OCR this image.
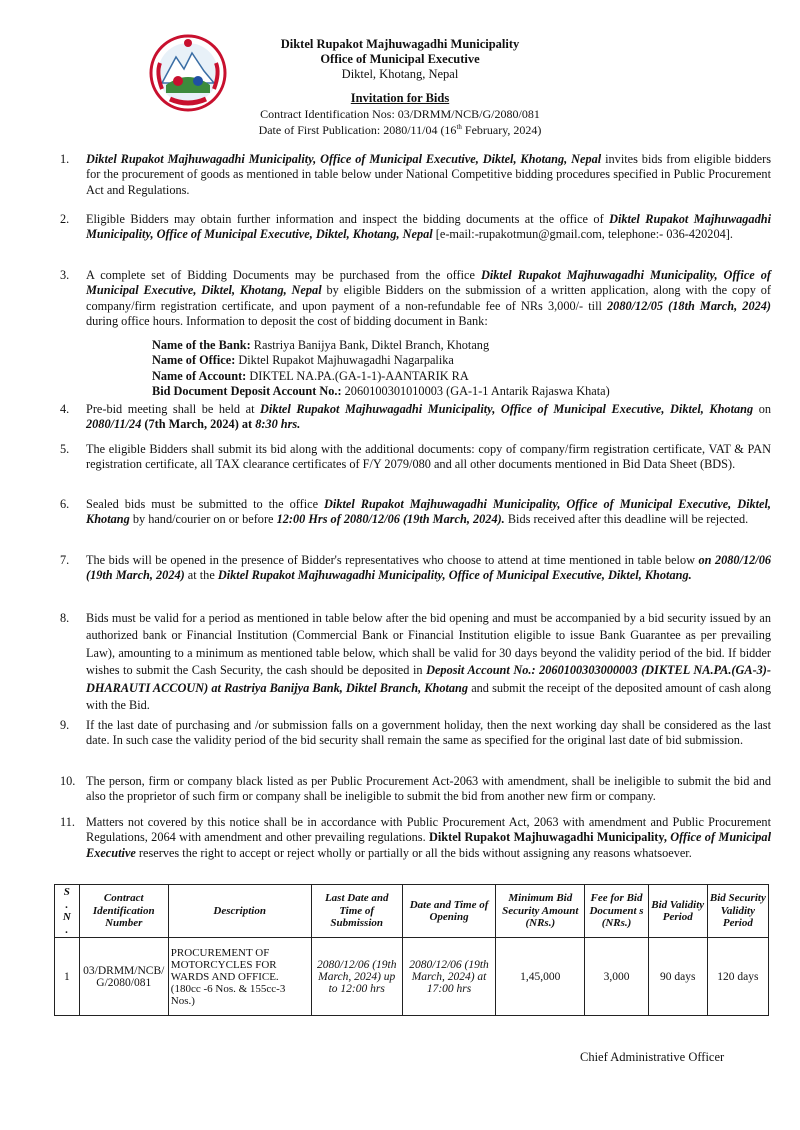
Diktel Rupakot Majhuwagadhi Municipality
Office of Municipal Executive
Diktel, Khotang, Nepal
Invitation for Bids
Contract Identification Nos: 03/DRMM/NCB/G/2080/081
Date of First Publication: 2080/11/04 (16th February, 2024)
1.	Diktel Rupakot Majhuwagadhi Municipality, Office of Municipal Executive, Diktel, Khotang, Nepal invites bids from eligible bidders for the procurement of goods as mentioned in table below under National Competitive bidding procedures specified in Public Procurement Act and Regulations.
2.	Eligible Bidders may obtain further information and inspect the bidding documents at the office of Diktel Rupakot Majhuwagadhi Municipality, Office of Municipal Executive, Diktel, Khotang, Nepal [e-mail:-rupakotmun@gmail.com, telephone:- 036-420204].
3.	A complete set of Bidding Documents may be purchased from the office Diktel Rupakot Majhuwagadhi Municipality, Office of Municipal Executive, Diktel, Khotang, Nepal by eligible Bidders on the submission of a written application, along with the copy of company/firm registration certificate, and upon payment of a non-refundable fee of NRs 3,000/- till 2080/12/05 (18th March, 2024) during office hours. Information to deposit the cost of bidding document in Bank:
Name of the Bank: Rastriya Banijya Bank, Diktel Branch, Khotang
Name of Office: Diktel Rupakot Majhuwagadhi Nagarpalika
Name of Account: DIKTEL NA.PA.(GA-1-1)-AANTARIK RA
Bid Document Deposit Account No.: 2060100301010003 (GA-1-1 Antarik Rajaswa Khata)
4.	Pre-bid meeting shall be held at Diktel Rupakot Majhuwagadhi Municipality, Office of Municipal Executive, Diktel, Khotang on 2080/11/24 (7th March, 2024) at 8:30 hrs.
5.	The eligible Bidders shall submit its bid along with the additional documents: copy of company/firm registration certificate, VAT & PAN registration certificate, all TAX clearance certificates of F/Y 2079/080 and all other documents mentioned in Bid Data Sheet (BDS).
6.	Sealed bids must be submitted to the office Diktel Rupakot Majhuwagadhi Municipality, Office of Municipal Executive, Diktel, Khotang by hand/courier on or before 12:00 Hrs of 2080/12/06 (19th March, 2024). Bids received after this deadline will be rejected.
7.	The bids will be opened in the presence of Bidder's representatives who choose to attend at time mentioned in table below on 2080/12/06 (19th March, 2024) at the Diktel Rupakot Majhuwagadhi Municipality, Office of Municipal Executive, Diktel, Khotang.
8.	Bids must be valid for a period as mentioned in table below after the bid opening and must be accompanied by a bid security issued by an authorized bank or Financial Institution (Commercial Bank or Financial Institution eligible to issue Bank Guarantee as per prevailing Law), amounting to a minimum as mentioned table below, which shall be valid for 30 days beyond the validity period of the bid. If bidder wishes to submit the Cash Security, the cash should be deposited in Deposit Account No.: 2060100303000003 (DIKTEL NA.PA.(GA-3)-DHARAUTI ACCOUN) at Rastriya Banijya Bank, Diktel Branch, Khotang and submit the receipt of the deposited amount of cash along with the Bid.
9.	If the last date of purchasing and /or submission falls on a government holiday, then the next working day shall be considered as the last date. In such case the validity period of the bid security shall remain the same as specified for the original last date of bid submission.
10. The person, firm or company black listed as per Public Procurement Act-2063 with amendment, shall be ineligible to submit the bid and also the proprietor of such firm or company shall be ineligible to submit the bid from another new firm or company.
11. Matters not covered by this notice shall be in accordance with Public Procurement Act, 2063 with amendment and Public Procurement Regulations, 2064 with amendment and other prevailing regulations. Diktel Rupakot Majhuwagadhi Municipality, Office of Municipal Executive reserves the right to accept or reject wholly or partially or all the bids without assigning any reasons whatsoever.
S
.
N
.	Contract Identification Number	Description	Last Date and Time of Submission	Date and Time of Opening	Minimum Bid Security Amount (NRs.)	Fee for Bid Document s (NRs.)	Bid Validity Period	Bid Security Validity Period
1	03/DRMM/NCB/G/2080/081	PROCUREMENT OF MOTORCYCLES FOR WARDS AND OFFICE. (180cc -6 Nos. & 155cc-3 Nos.)	2080/12/06 (19th March, 2024) up to 12:00 hrs	2080/12/06 (19th March, 2024) at 17:00 hrs	1,45,000	3,000	90 days	120 days
Chief Administrative Officer
